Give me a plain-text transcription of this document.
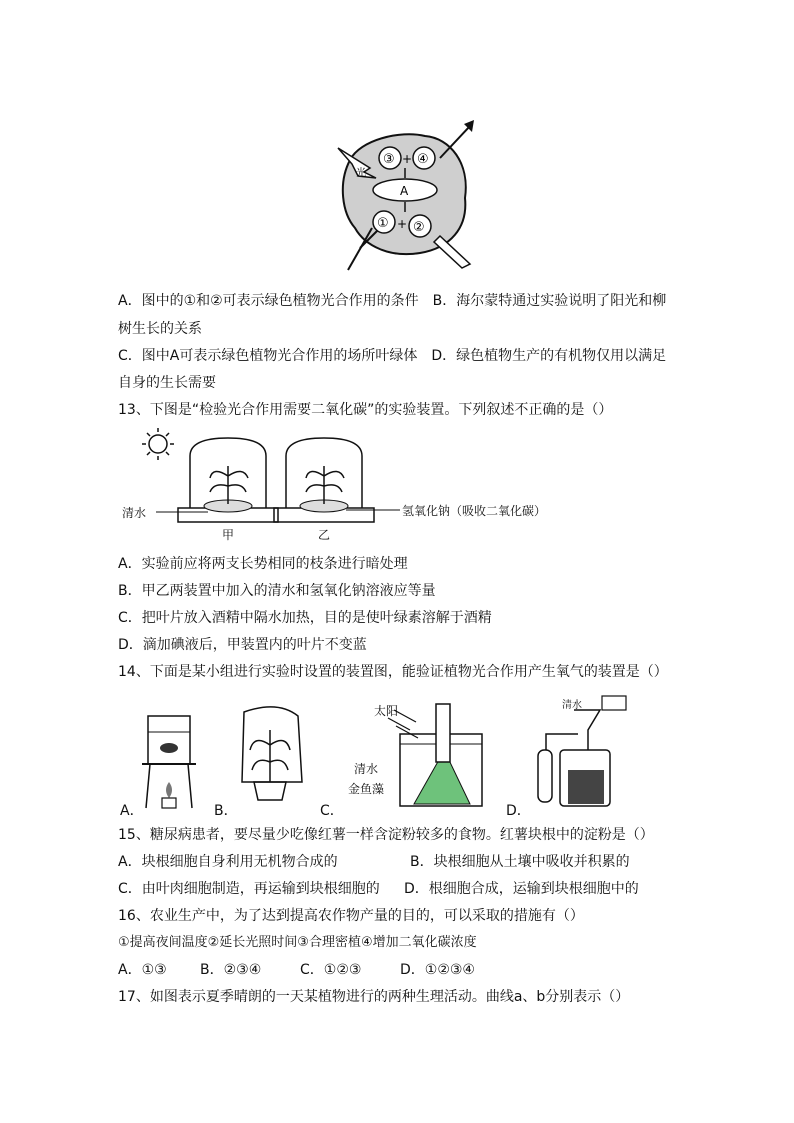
A
③ ④
+
① ②
+
光
A．图中的①和②可表示绿色植物光合作用的条件　B．海尔蒙特通过实验说明了阳光和柳
树生长的关系
C．图中A可表示绿色植物光合作用的场所叶绿体　D．绿色植物生产的有机物仅用以满足
自身的生长需要
13、下图是“检验光合作用需要二氧化碳”的实验装置。下列叙述不正确的是（）
清水	氢氧化钠（吸收二氧化碳）
甲	乙
A．实验前应将两支长势相同的枝条进行暗处理
B．甲乙两装置中加入的清水和氢氧化钠溶液应等量
C．把叶片放入酒精中隔水加热，目的是使叶绿素溶解于酒精
D．滴加碘液后，甲装置内的叶片不变蓝
14、下面是某小组进行实验时设置的装置图，能验证植物光合作用产生氧气的装置是（）
A．	B．	C．	D．
太阳
清水
金鱼藻
清水
15、糖尿病患者，要尽量少吃像红薯一样含淀粉较多的食物。红薯块根中的淀粉是（）
A．块根细胞自身利用无机物合成的	B．块根细胞从土壤中吸收并积累的
C．由叶肉细胞制造，再运输到块根细胞的 D．根细胞合成，运输到块根细胞中的
16、农业生产中，为了达到提高农作物产量的目的，可以采取的措施有（）
①提高夜间温度②延长光照时间③合理密植④增加二氧化碳浓度
A．①③ B．②③④	C．①②③	D．①②③④
17、如图表示夏季晴朗的一天某植物进行的两种生理活动。曲线a、b分别表示（）
